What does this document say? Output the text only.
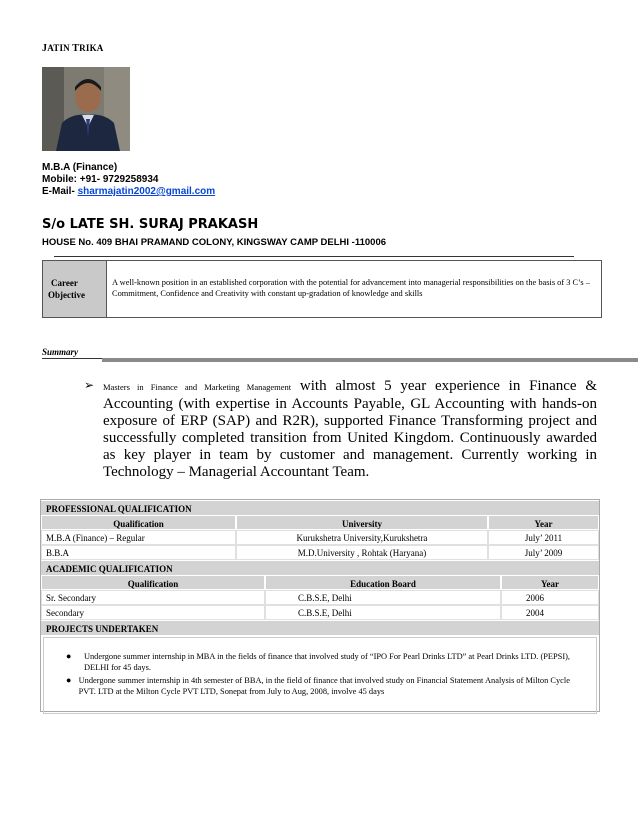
JATIN TRIKA
M.B.A (Finance)
Mobile: +91- 9729258934
E-Mail- sharmajatin2002@gmail.com
S/o LATE SH. SURAJ PRAKASH
HOUSE No. 409 BHAI PRAMAND COLONY, KINGSWAY CAMP DELHI -110006
Career
Objective
A well-known position in an established corporation with the potential for advancement into managerial responsibilities on the basis of 3 C’s – Commitment, Confidence and Creativity with constant up-gradation of knowledge and skills
Summary
➢ Masters in Finance and Marketing Management with almost 5 year experience in Finance & Accounting (with expertise in Accounts Payable, GL Accounting with hands-on exposure of ERP (SAP) and R2R), supported Finance Transforming project and successfully completed transition from United Kingdom. Continuously awarded as key player in team by customer and management. Currently working in Technology – Managerial Accountant Team.
PROFESSIONAL QUALIFICATION
Qualification	University	Year
M.B.A (Finance) – Regular	Kurukshetra University,Kurukshetra	July’ 2011
B.B.A	M.D.University , Rohtak (Haryana)	July’ 2009
ACADEMIC QUALIFICATION
Qualification	Education Board	Year
Sr. Secondary	C.B.S.E, Delhi	2006
Secondary	C.B.S.E, Delhi	2004
PROJECTS UNDERTAKEN
●	Undergone summer internship in MBA in the fields of finance that involved study of “IPO For Pearl Drinks LTD” at Pearl Drinks LTD. (PEPSI), DELHI for 45 days.
● Undergone summer internship in 4th semester of BBA, in the field of finance that involved study on Financial Statement Analysis of Milton Cycle PVT. LTD at the Milton Cycle PVT LTD, Sonepat from July to Aug, 2008, involve 45 days
